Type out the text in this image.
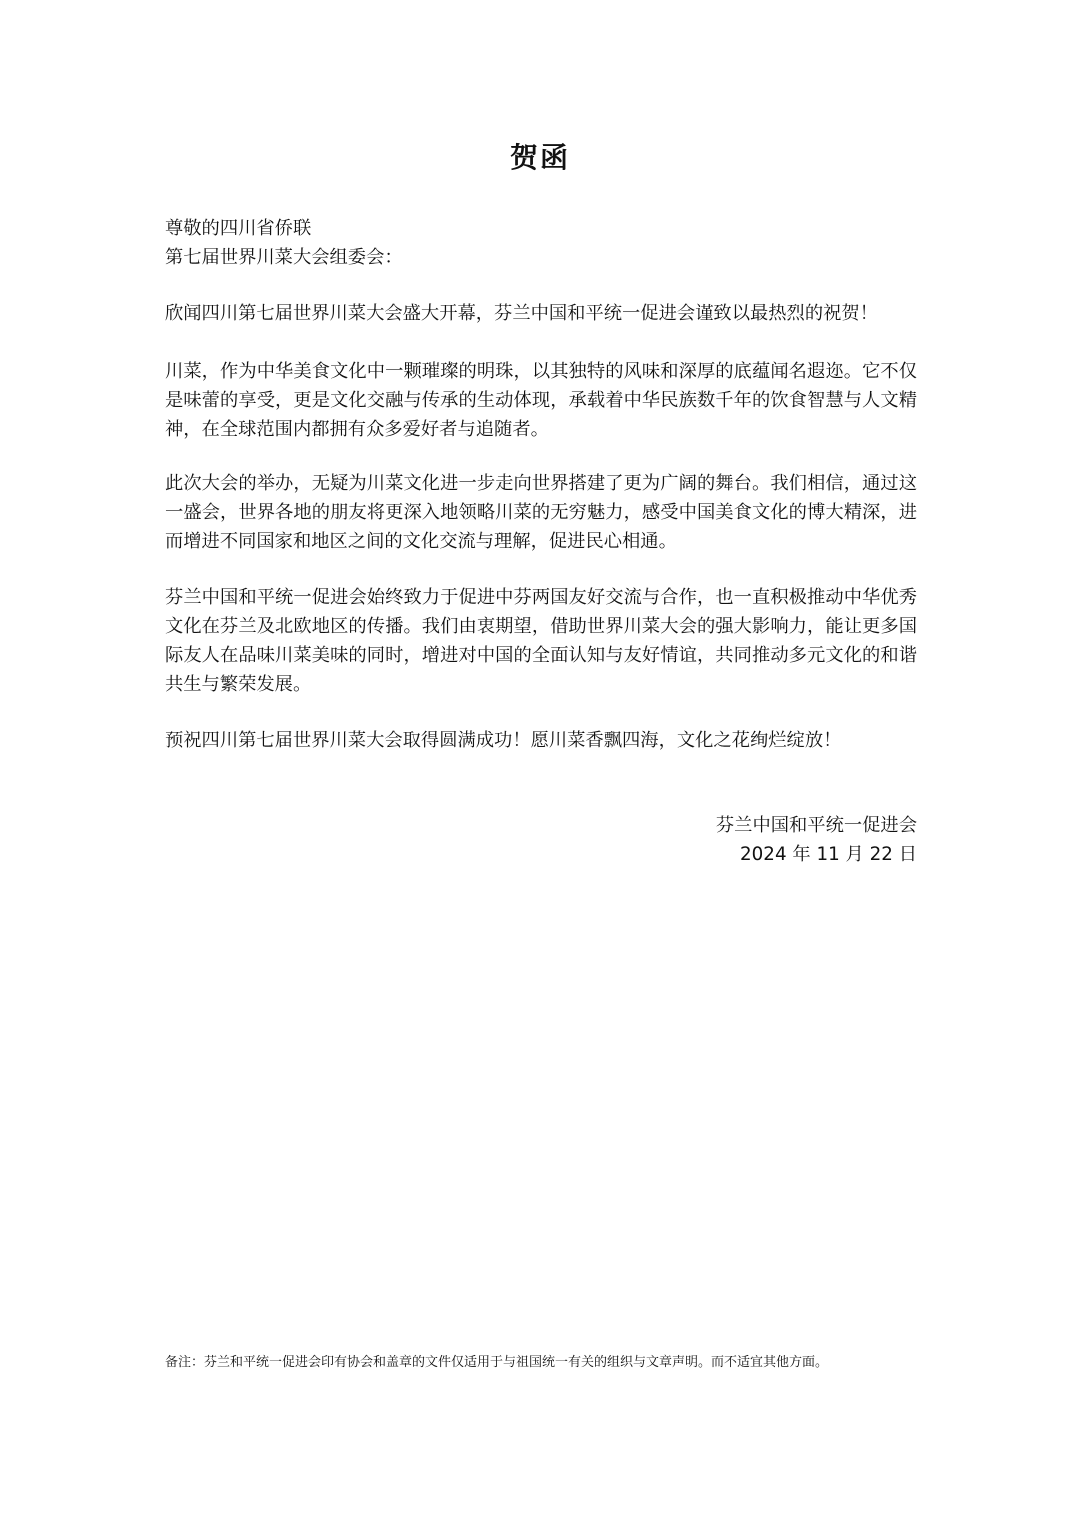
贺函
尊敬的四川省侨联
第七届世界川菜大会组委会：
欣闻四川第七届世界川菜大会盛大开幕，芬兰中国和平统一促进会谨致以最热烈的祝贺！
川菜，作为中华美食文化中一颗璀璨的明珠，以其独特的风味和深厚的底蕴闻名遐迩。它不仅是味蕾的享受，更是文化交融与传承的生动体现，承载着中华民族数千年的饮食智慧与人文精神，在全球范围内都拥有众多爱好者与追随者。
此次大会的举办，无疑为川菜文化进一步走向世界搭建了更为广阔的舞台。我们相信，通过这一盛会，世界各地的朋友将更深入地领略川菜的无穷魅力，感受中国美食文化的博大精深，进而增进不同国家和地区之间的文化交流与理解，促进民心相通。
芬兰中国和平统一促进会始终致力于促进中芬两国友好交流与合作，也一直积极推动中华优秀文化在芬兰及北欧地区的传播。我们由衷期望，借助世界川菜大会的强大影响力，能让更多国际友人在品味川菜美味的同时，增进对中国的全面认知与友好情谊，共同推动多元文化的和谐共生与繁荣发展。
预祝四川第七届世界川菜大会取得圆满成功！愿川菜香飘四海，文化之花绚烂绽放！
芬兰中国和平统一促进会
2024 年 11 月 22 日
备注：芬兰和平统一促进会印有协会和盖章的文件仅适用于与祖国统一有关的组织与文章声明。而不适宜其他方面。
